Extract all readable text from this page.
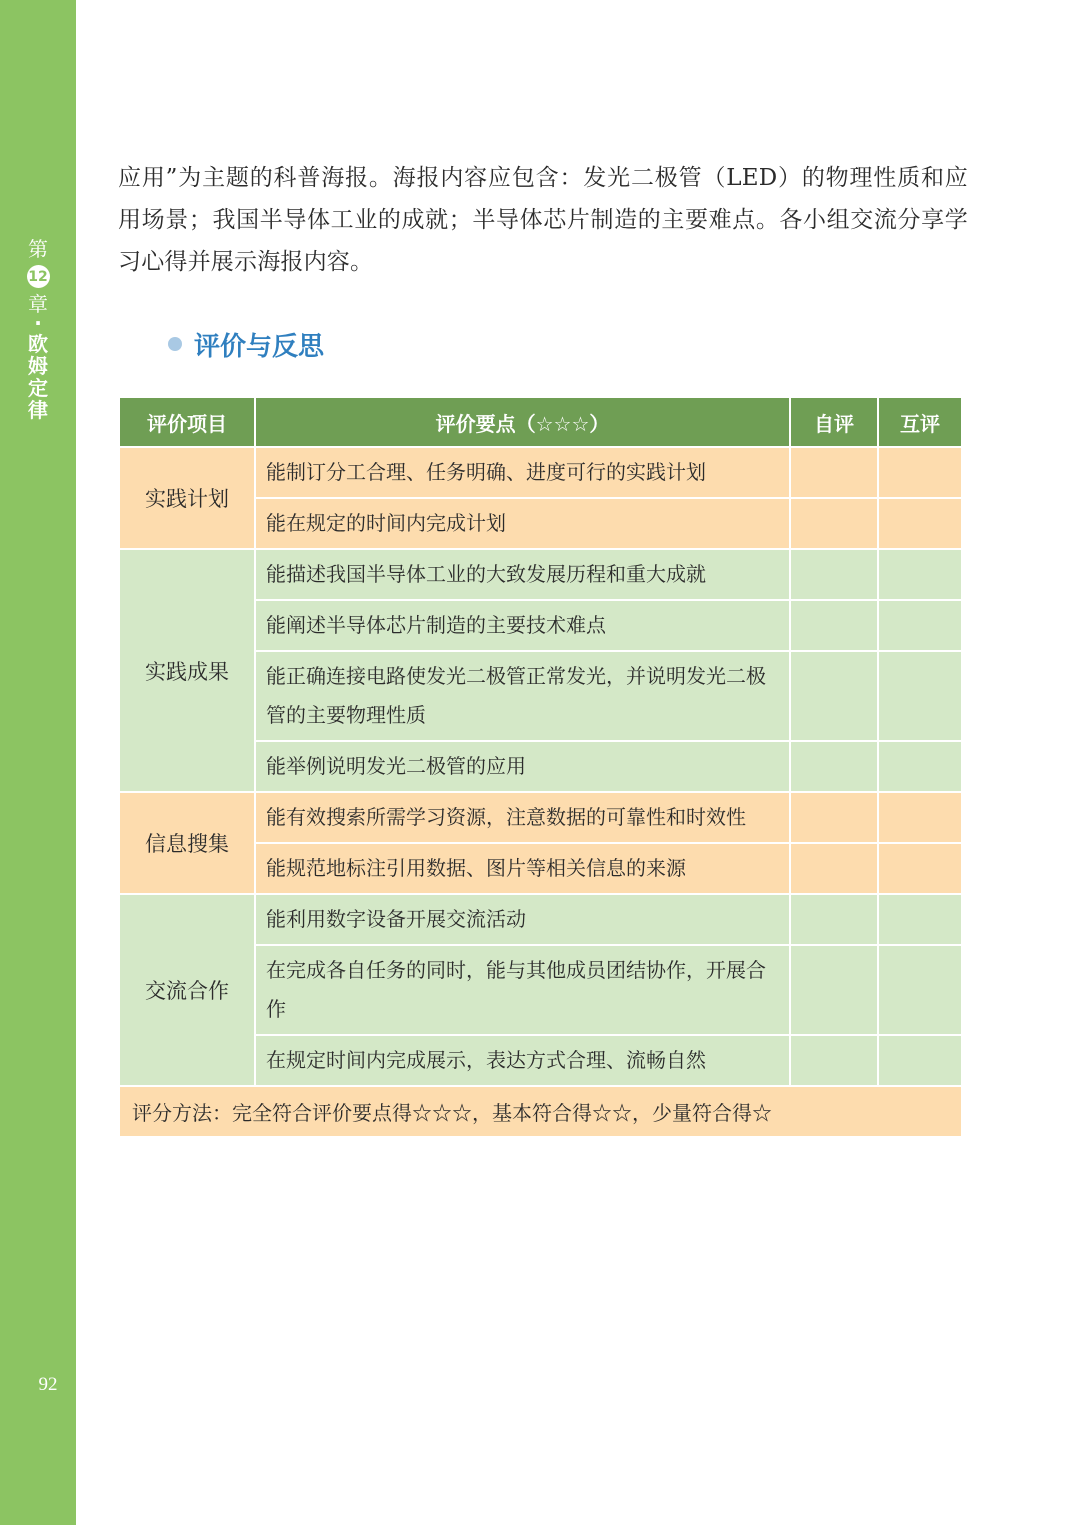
第
12
章
·
欧姆定律
92
应用”为主题的科普海报。海报内容应包含：发光二极管（LED）的物理性质和应用场景；我国半导体工业的成就；半导体芯片制造的主要难点。各小组交流分享学习心得并展示海报内容。
评价与反思
评价项目	评价要点（☆☆☆）	自评	互评
实践计划	能制订分工合理、任务明确、进度可行的实践计划		
	能在规定的时间内完成计划		
实践成果	能描述我国半导体工业的大致发展历程和重大成就		
	能阐述半导体芯片制造的主要技术难点		
	能正确连接电路使发光二极管正常发光，并说明发光二极管的主要物理性质		
	能举例说明发光二极管的应用		
信息搜集	能有效搜索所需学习资源，注意数据的可靠性和时效性		
	能规范地标注引用数据、图片等相关信息的来源		
交流合作	能利用数字设备开展交流活动		
	在完成各自任务的同时，能与其他成员团结协作，开展合作		
	在规定时间内完成展示，表达方式合理、流畅自然		
评分方法：完全符合评价要点得☆☆☆，基本符合得☆☆，少量符合得☆			
